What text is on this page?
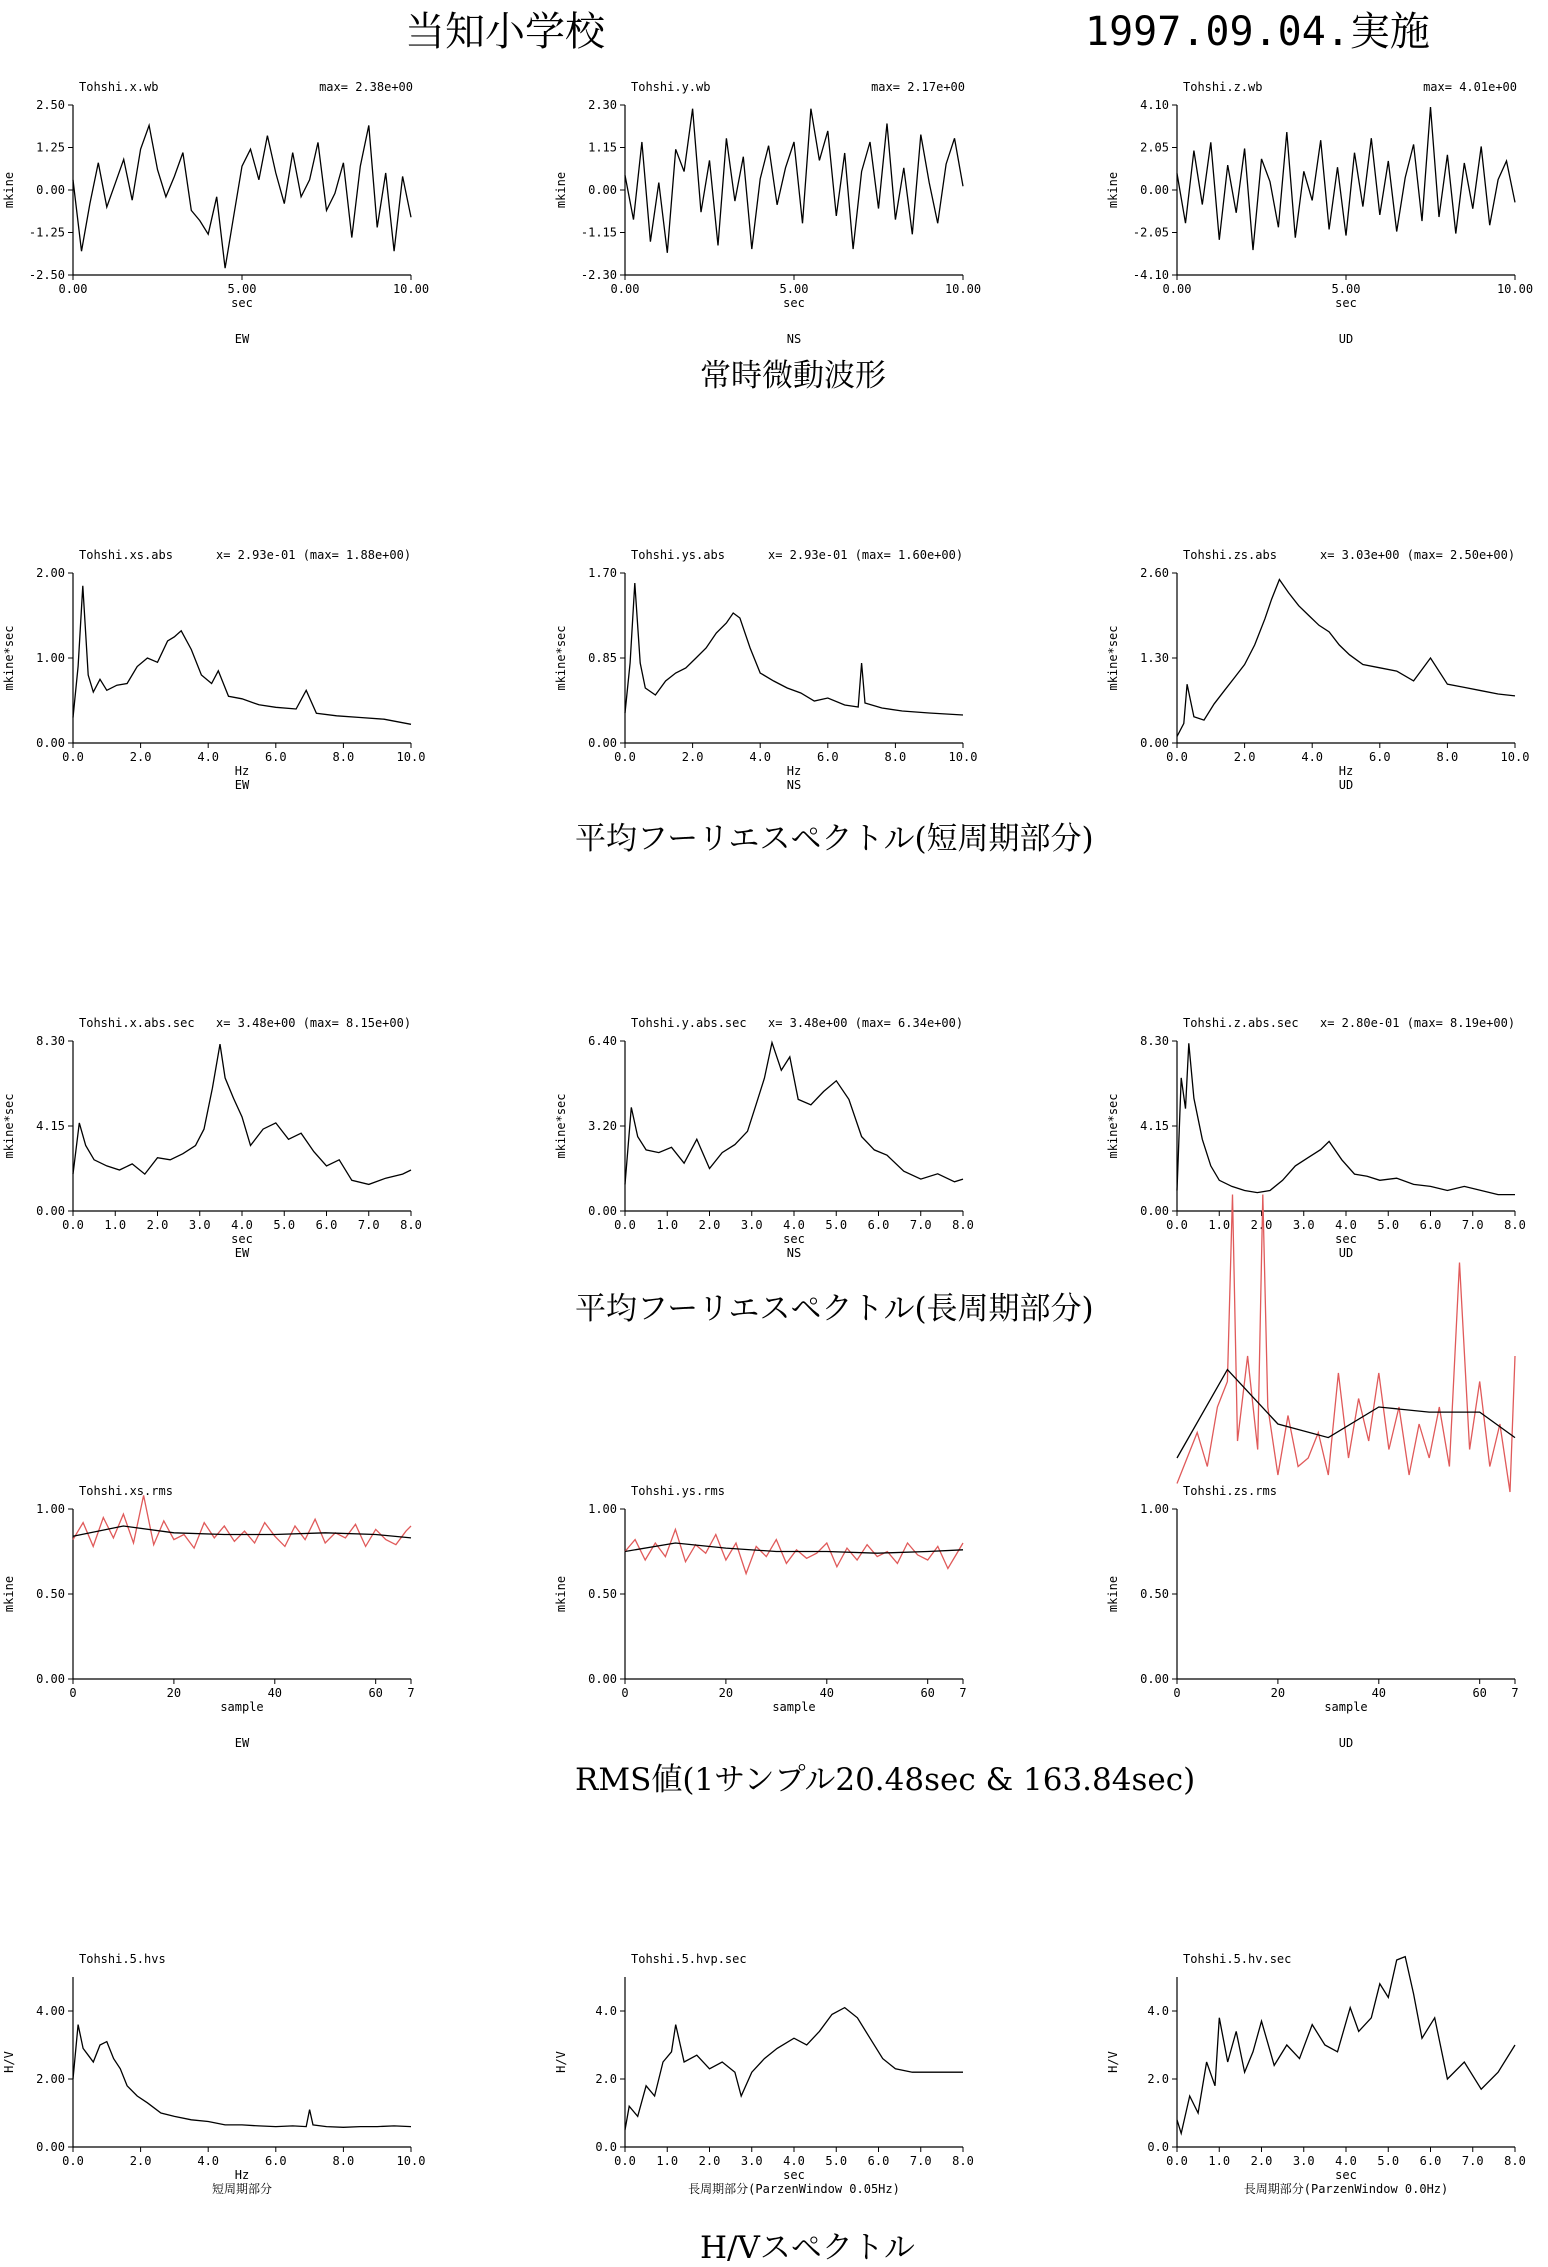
当知小学校	1997.09.04.実施
常時微動波形
平均フーリエスペクトル(短周期部分)
平均フーリエスペクトル(長周期部分)
RMS値(1サンプル20.48sec & 163.84sec)
H/Vスペクトル
Tohshi.x.wb	max= 2.38e+00
2.50
1.25
0.00
-1.25
-2.50
0.00	5.00	10.00
sec
mkine
EW
Tohshi.y.wb	max= 2.17e+00
2.30
1.15
0.00
-1.15
-2.30
0.00	5.00	10.00
sec
mkine
NS
Tohshi.z.wb	max= 4.01e+00
4.10
2.05
0.00
-2.05
-4.10
0.00	5.00	10.00
sec
mkine
UD
Tohshi.xs.abs	x= 2.93e-01 (max= 1.88e+00)
2.00
1.00
0.00
0.0	2.0	4.0	6.0	8.0	10.0
Hz
mkine*sec
EW
Tohshi.ys.abs	x= 2.93e-01 (max= 1.60e+00)
1.70
0.85
0.00
0.0	2.0	4.0	6.0	8.0	10.0
Hz
mkine*sec
NS
Tohshi.zs.abs	x= 3.03e+00 (max= 2.50e+00)
2.60
1.30
0.00
0.0	2.0	4.0	6.0	8.0	10.0
Hz
mkine*sec
UD
Tohshi.x.abs.sec x= 3.48e+00 (max= 8.15e+00)
8.30
4.15
0.00
0.0 1.0 2.0 3.0 4.0 5.0 6.0 7.0 8.0
sec
mkine*sec
EW
Tohshi.y.abs.sec x= 3.48e+00 (max= 6.34e+00)
6.40
3.20
0.00
0.0 1.0 2.0 3.0 4.0 5.0 6.0 7.0 8.0
sec
mkine*sec
NS
Tohshi.z.abs.sec x= 2.80e-01 (max= 8.19e+00)
8.30
4.15
0.00
0.0 1.0 2.0 3.0 4.0 5.0 6.0 7.0 8.0
sec
mkine*sec
UD
Tohshi.xs.rms
1.00
0.50
0.00
0	20	40	60 7
sample
mkine
EW
Tohshi.ys.rms
1.00
0.50
0.00
0	20	40	60 7
sample
mkine
Tohshi.zs.rms
1.00
0.50
0.00
0	20	40	60 7
sample
mkine
UD
Tohshi.5.hvs
4.00
2.00
0.00
0.0	2.0	4.0	6.0	8.0	10.0
Hz
H/V
短周期部分
Tohshi.5.hvp.sec
4.0
2.0
0.0
0.0 1.0 2.0 3.0 4.0 5.0 6.0 7.0 8.0
sec
H/V
長周期部分(ParzenWindow 0.05Hz)
Tohshi.5.hv.sec
4.0
2.0
0.0
0.0 1.0 2.0 3.0 4.0 5.0 6.0 7.0 8.0
sec
H/V
長周期部分(ParzenWindow 0.0Hz)
